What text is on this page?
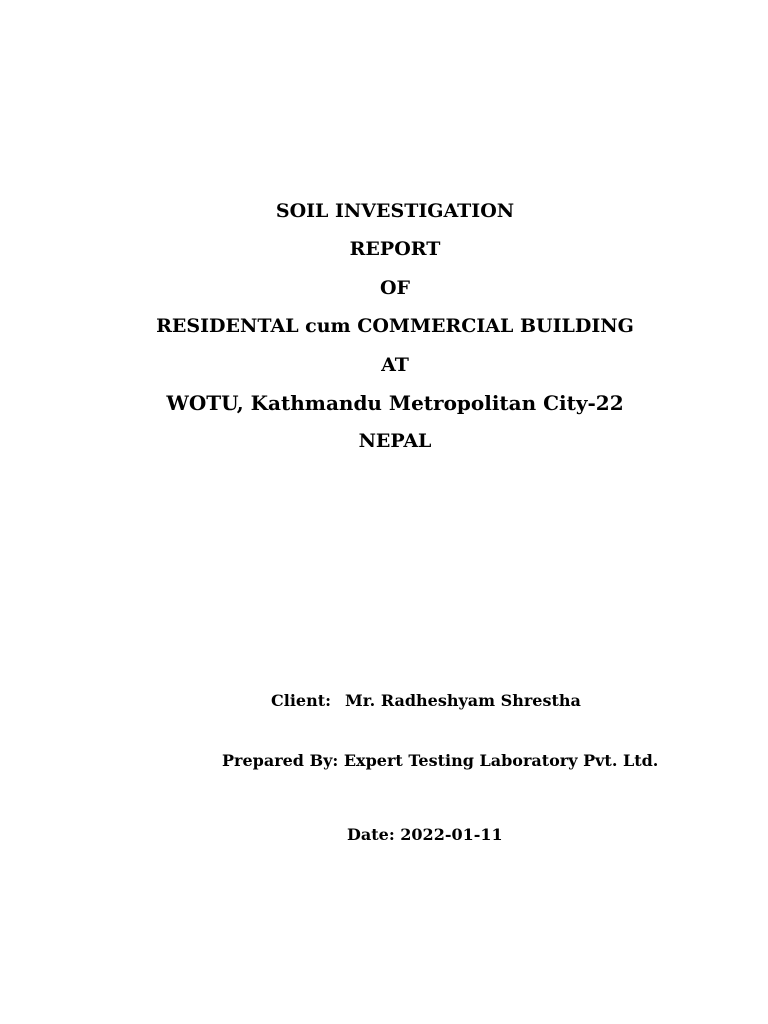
SOIL INVESTIGATION
REPORT
OF
RESIDENTAL cum COMMERCIAL BUILDING
AT
WOTU, Kathmandu Metropolitan City-22
NEPAL
Client: Mr. Radheshyam Shrestha
Prepared By: Expert Testing Laboratory Pvt. Ltd.
Date: 2022-01-11
